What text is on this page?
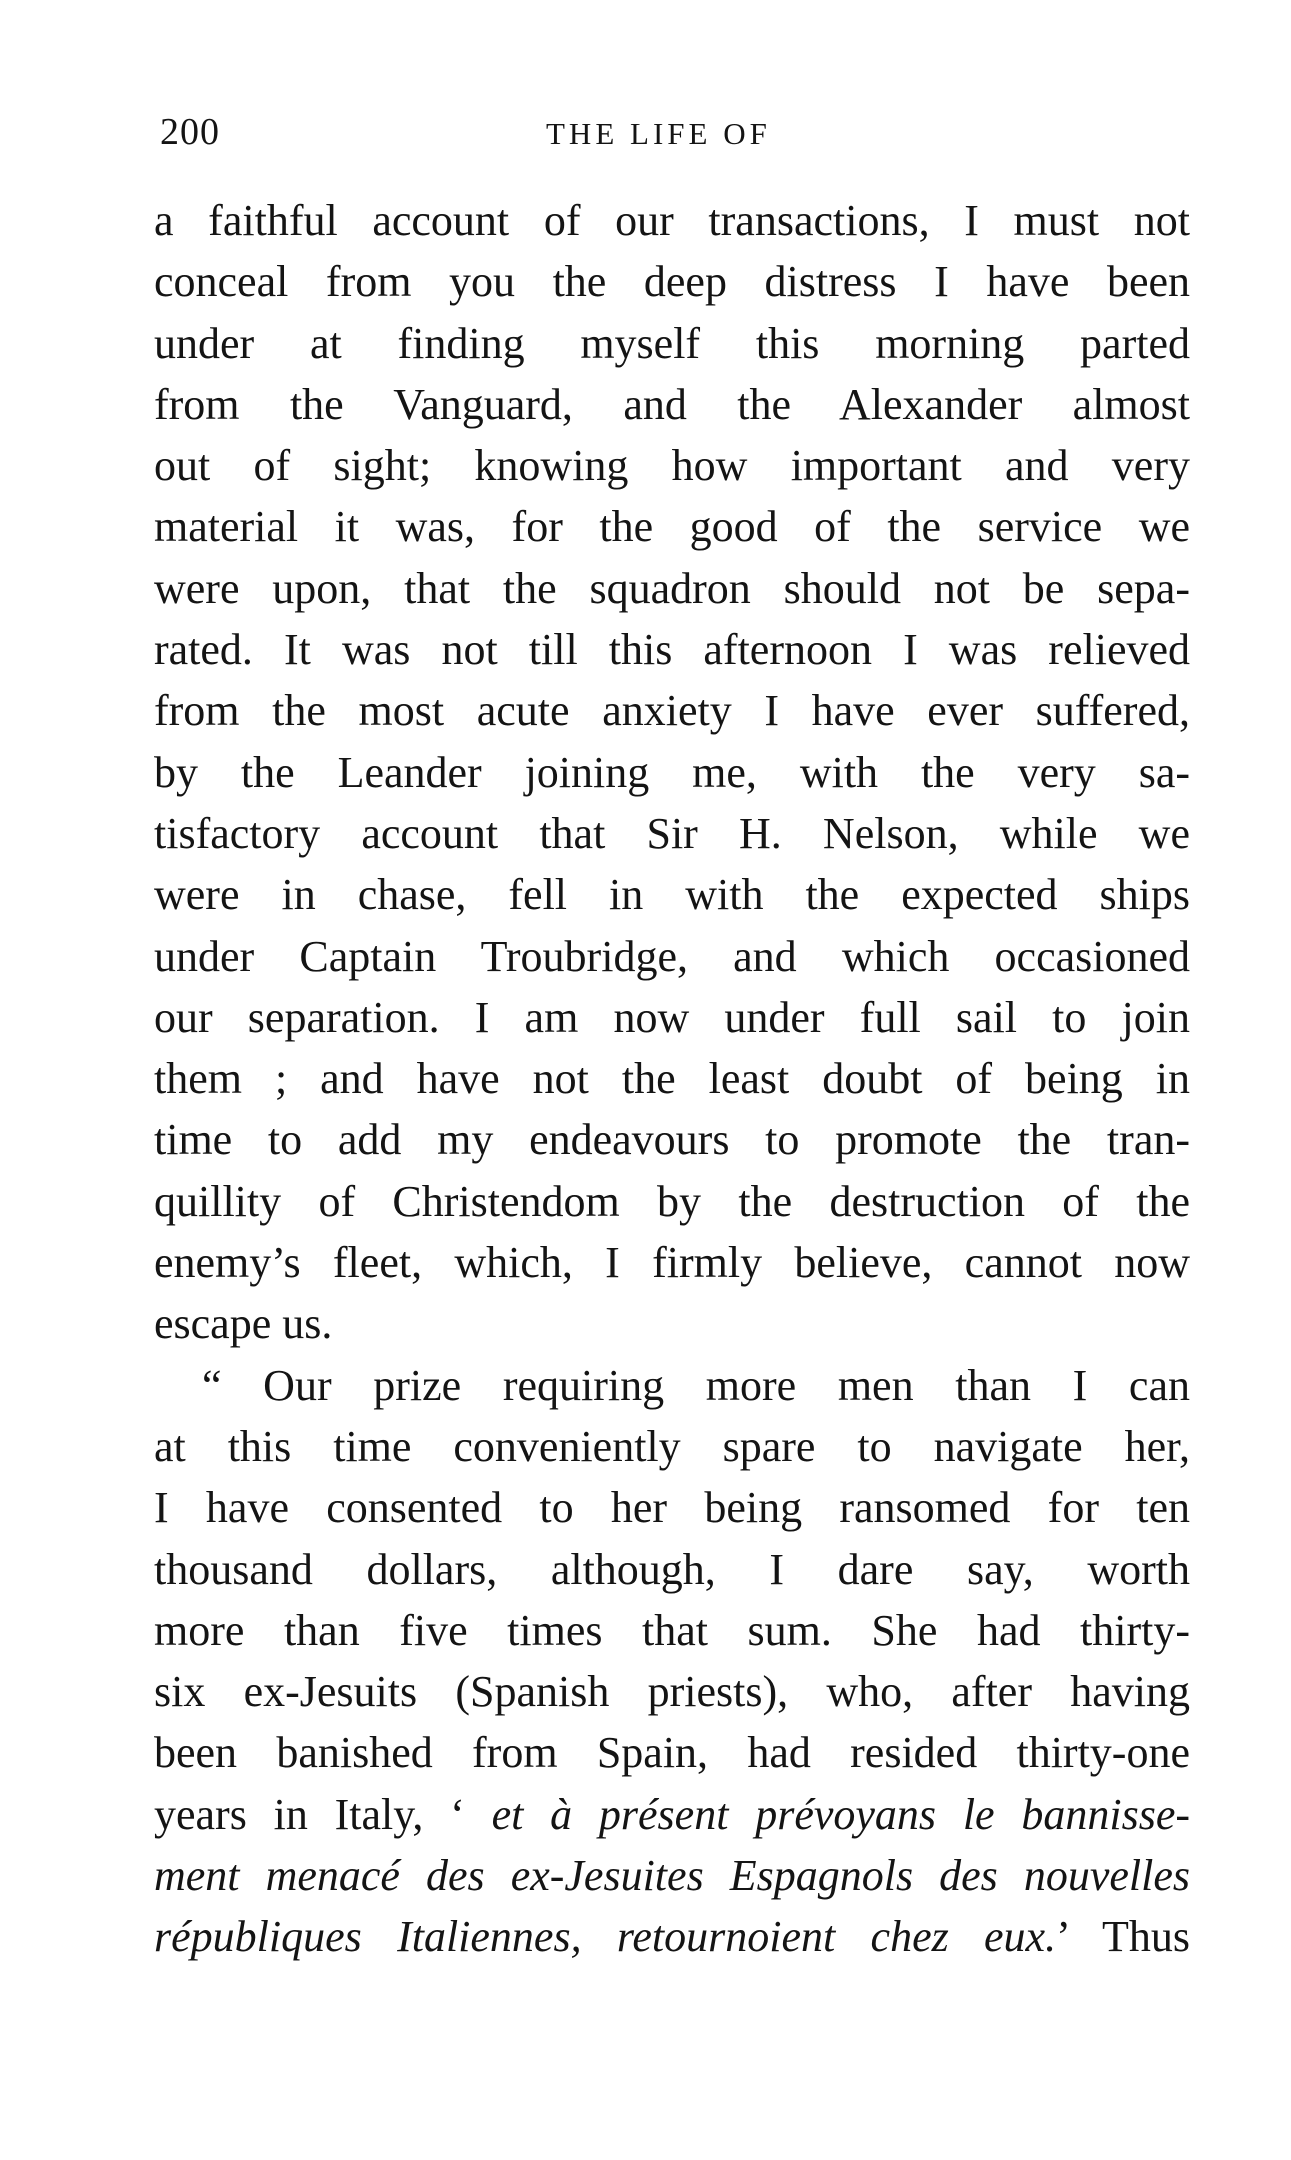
200	THE LIFE OF
a faithful account of our transactions, I must not
conceal from you the deep distress I have been
under at finding myself this morning parted
from the Vanguard, and the Alexander almost
out of sight; knowing how important and very
material it was, for the good of the service we
were upon, that the squadron should not be sepa-
rated. It was not till this afternoon I was relieved
from the most acute anxiety I have ever suffered,
by the Leander joining me, with the very sa-
tisfactory account that Sir H. Nelson, while we
were in chase, fell in with the expected ships
under Captain Troubridge, and which occasioned
our separation. I am now under full sail to join
them ; and have not the least doubt of being in
time to add my endeavours to promote the tran-
quillity of Christendom by the destruction of the
enemy’s fleet, which, I firmly believe, cannot now
escape us.
“ Our prize requiring more men than I can
at this time conveniently spare to navigate her,
I have consented to her being ransomed for ten
thousand dollars, although, I dare say, worth
more than five times that sum. She had thirty-
six ex-Jesuits (Spanish priests), who, after having
been banished from Spain, had resided thirty-one
years in Italy, ‘ et à présent prévoyans le bannisse-
ment menacé des ex-Jesuites Espagnols des nouvelles
républiques Italiennes, retournoient chez eux.’ Thus
